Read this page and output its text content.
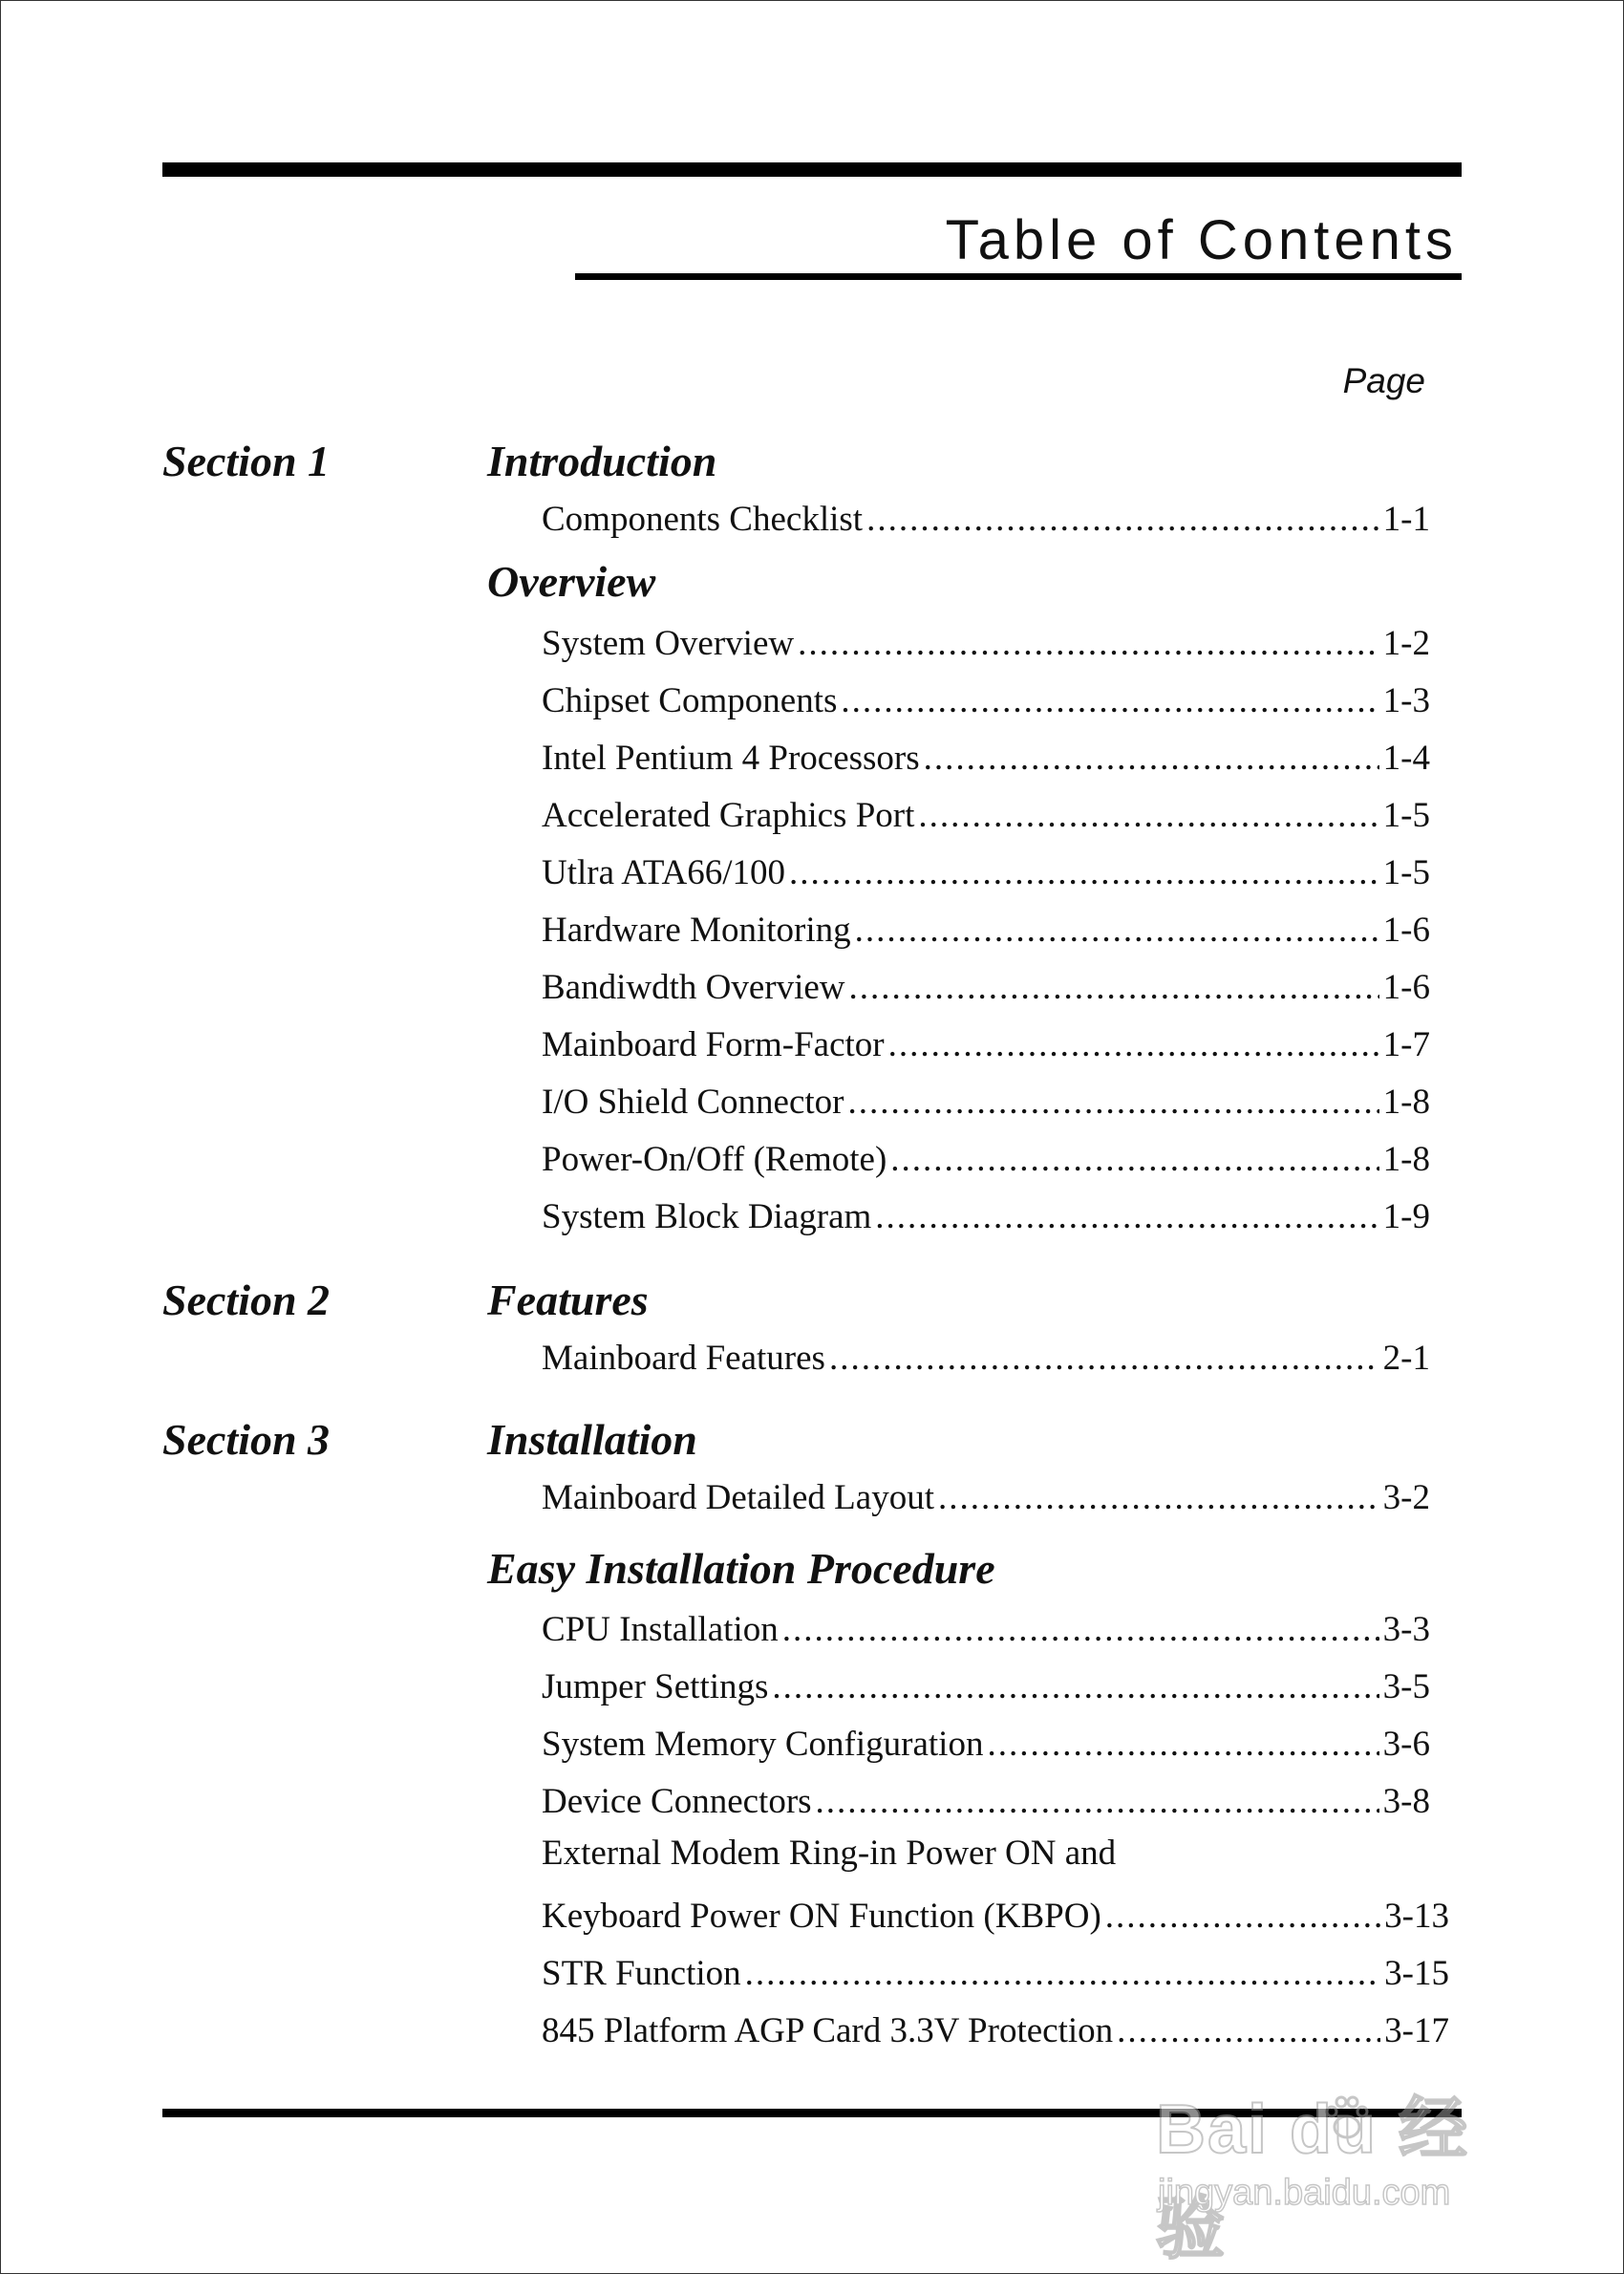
Table of Contents
Page
Section 1	Introduction
Components Checklist .....	1-1
Overview
System Overview .....	1-2
Chipset Components .....	1-3
Intel Pentium 4 Processors .....	1-4
Accelerated Graphics Port .....	1-5
Utlra ATA66/100 .....	1-5
Hardware Monitoring .....	1-6
Bandiwdth Overview .....	1-6
Mainboard Form-Factor .....	1-7
I/O Shield Connector .....	1-8
Power-On/Off (Remote) .....	1-8
System Block Diagram .....	1-9
Section 2	Features
Mainboard Features .....	2-1
Section 3	Installation
Mainboard Detailed Layout .....	3-2
Easy Installation Procedure
CPU Installation .....	3-3
Jumper Settings .....	3-5
System Memory Configuration .....	3-6
Device Connectors .....	3-8
External Modem Ring-in Power ON and
Keyboard Power ON Function (KBPO) .....	3-13
STR Function .....	3-15
845 Platform AGP Card 3.3V Protection .....	3-17
Bai du 经验
jingyan.baidu.com
